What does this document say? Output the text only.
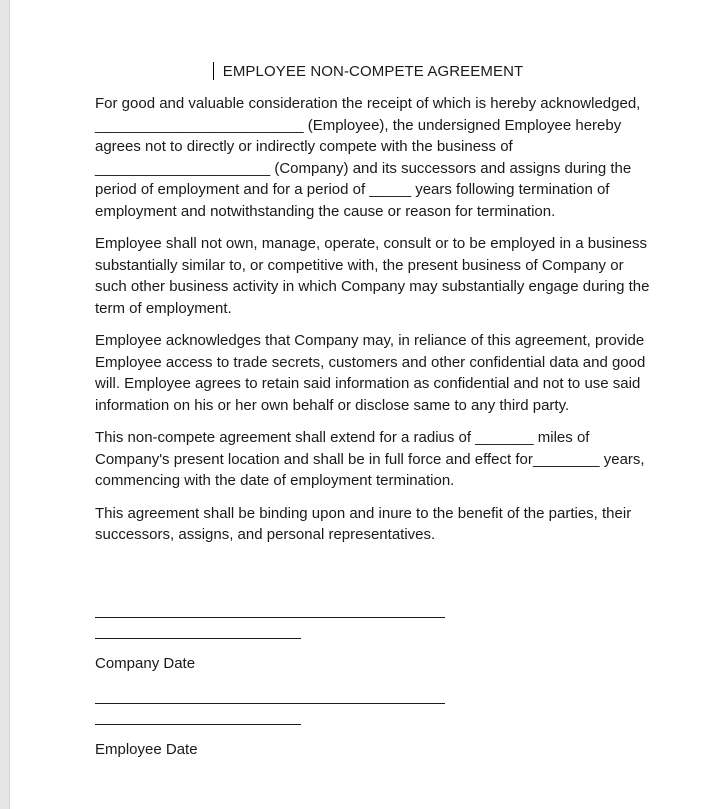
EMPLOYEE NON-COMPETE AGREEMENT

For good and valuable consideration the receipt of which is hereby acknowledged, _________________________ (Employee), the undersigned Employee hereby agrees not to directly or indirectly compete with the business of _____________________ (Company) and its successors and assigns during the period of employment and for a period of _____ years following termination of employment and notwithstanding the cause or reason for termination.

Employee shall not own, manage, operate, consult or to be employed in a business substantially similar to, or competitive with, the present business of Company or such other business activity in which Company may substantially engage during the term of employment.

Employee acknowledges that Company may, in reliance of this agreement, provide Employee access to trade secrets, customers and other confidential data and good will. Employee agrees to retain said information as confidential and not to use said information on his or her own behalf or disclose same to any third party.

This non-compete agreement shall extend for a radius of _______ miles of Company's present location and shall be in full force and effect for________ years, commencing with the date of employment termination.

This agreement shall be binding upon and inure to the benefit of the parties, their successors, assigns, and personal representatives.

Company Date
Employee Date
